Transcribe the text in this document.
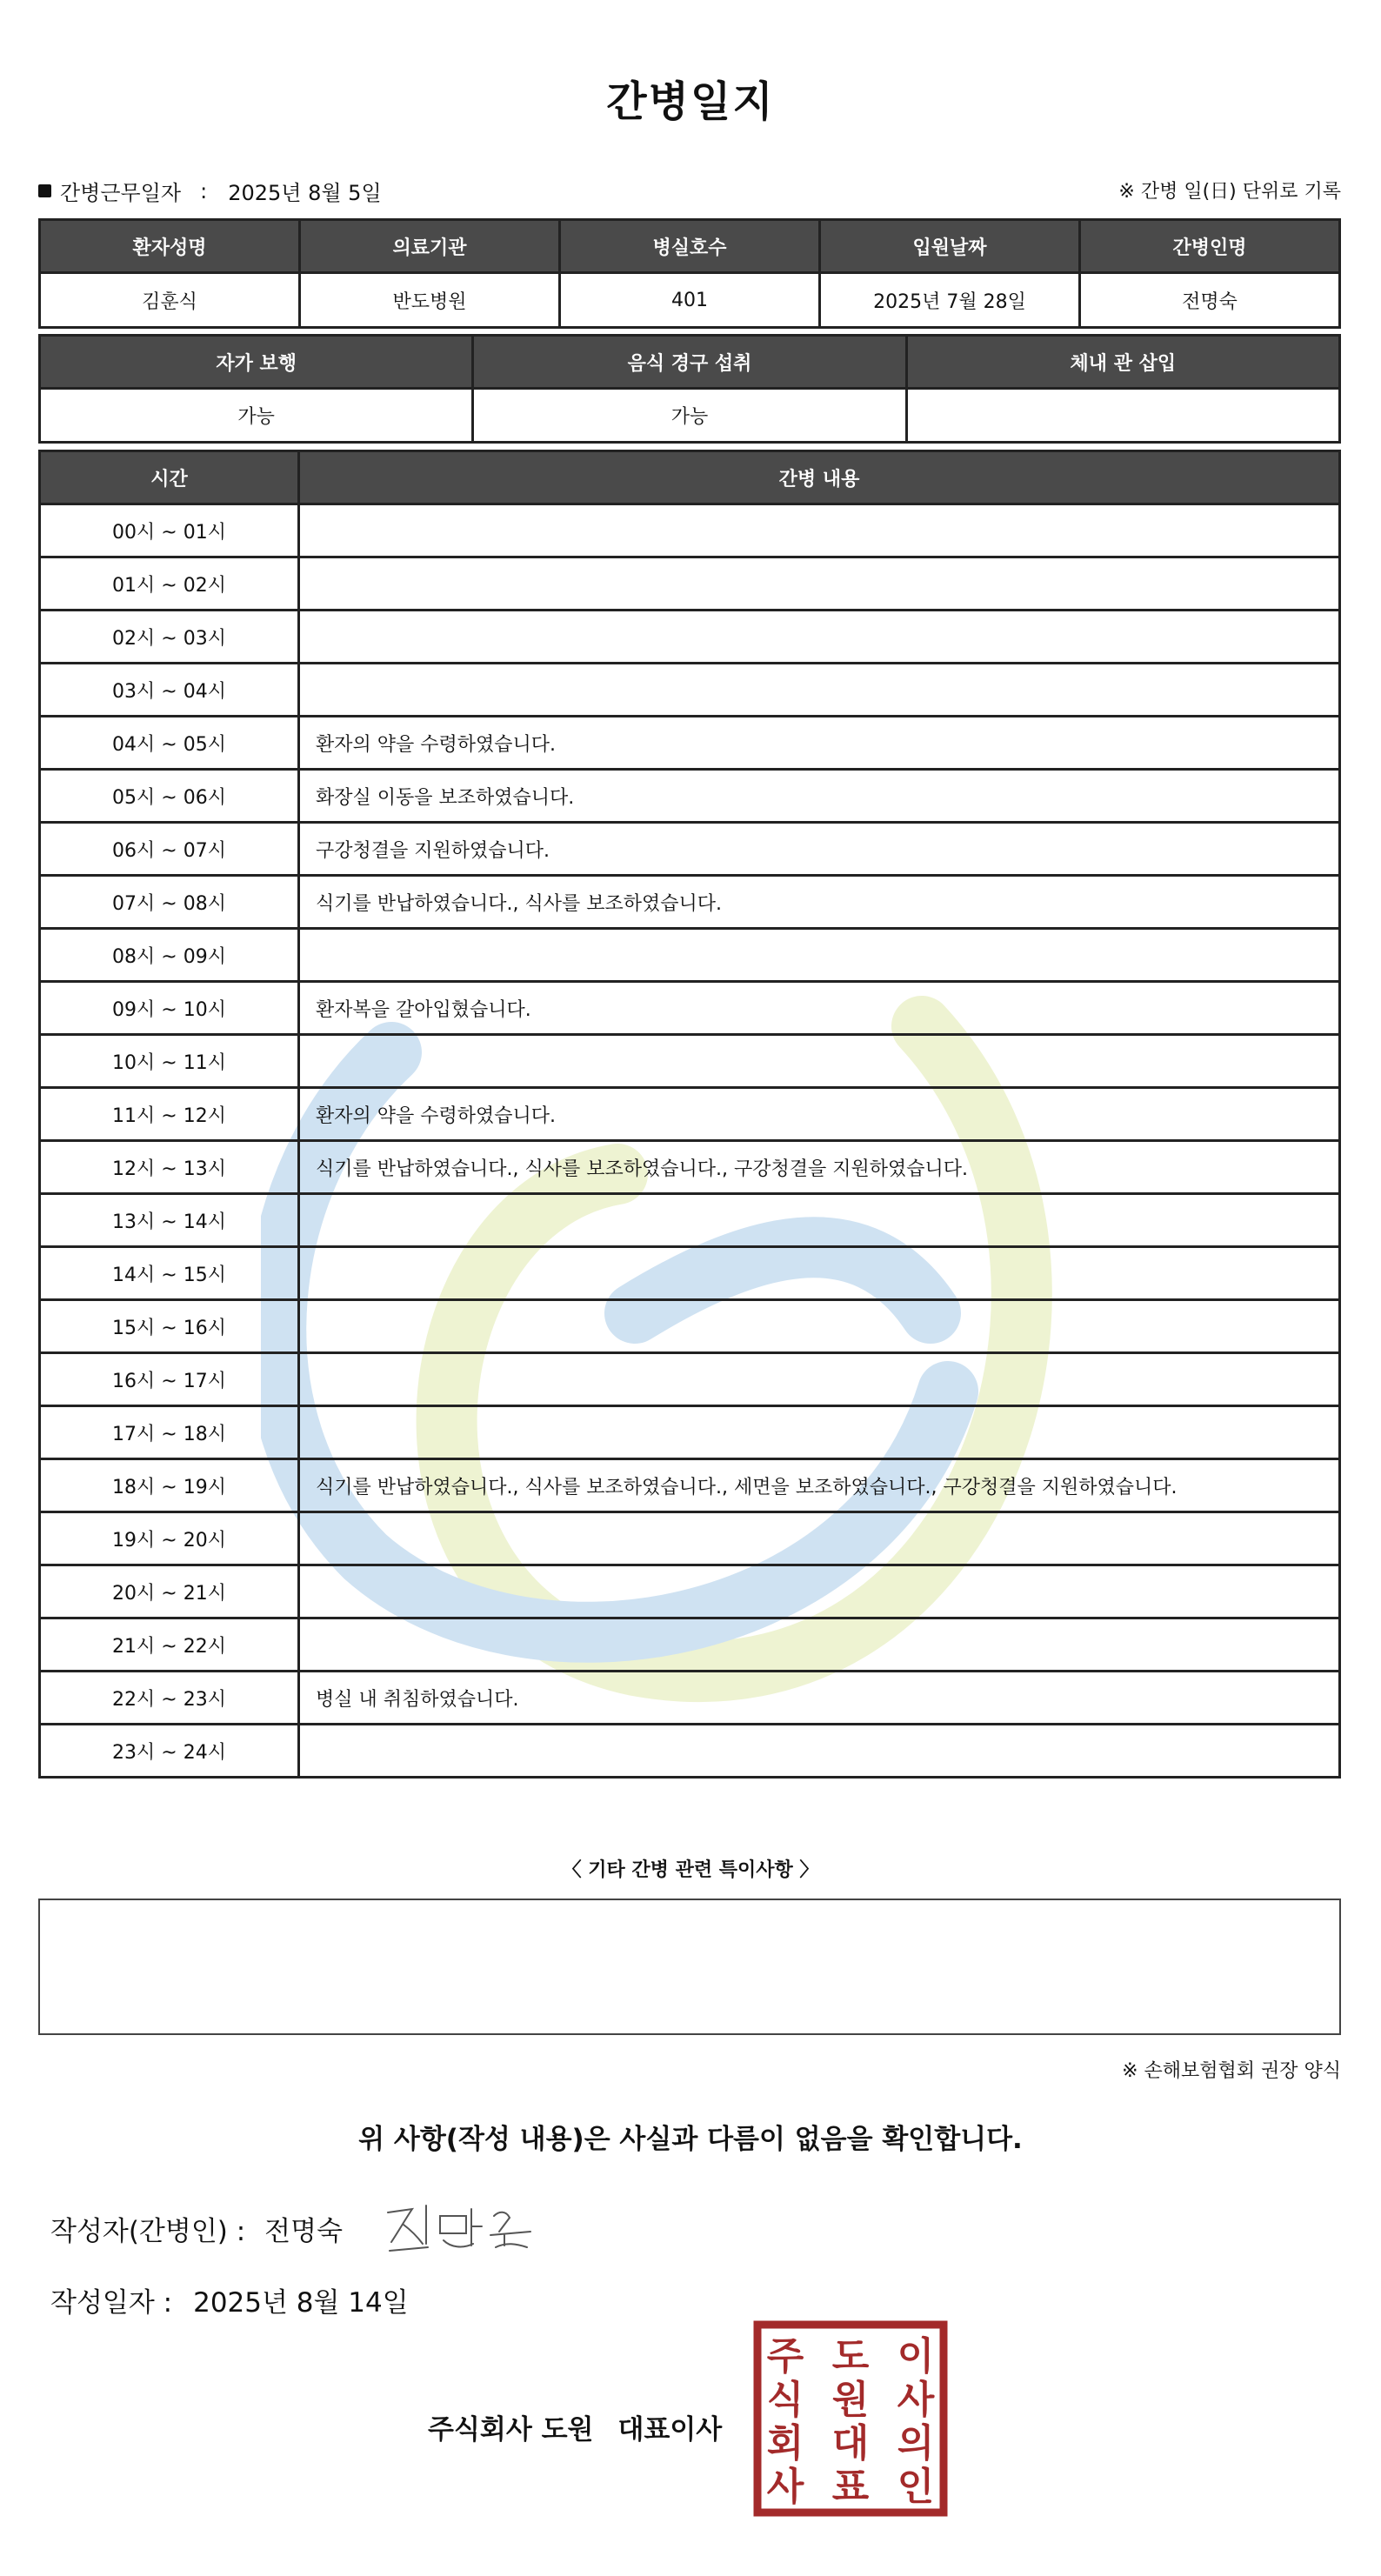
간병일지
간병근무일자 : 2025년 8월 5일	※ 간병 일(日) 단위로 기록
환자성명	의료기관	병실호수	입원날짜	간병인명
김훈식	반도병원	401	2025년 7월 28일	전명숙
자가 보행	음식 경구 섭취	체내 관 삽입
가능	가능	
시간	간병 내용
00시 ~ 01시	
01시 ~ 02시	
02시 ~ 03시	
03시 ~ 04시	
04시 ~ 05시	환자의 약을 수령하였습니다.
05시 ~ 06시	화장실 이동을 보조하였습니다.
06시 ~ 07시	구강청결을 지원하였습니다.
07시 ~ 08시	식기를 반납하였습니다., 식사를 보조하였습니다.
08시 ~ 09시	
09시 ~ 10시	환자복을 갈아입혔습니다.
10시 ~ 11시	
11시 ~ 12시	환자의 약을 수령하였습니다.
12시 ~ 13시	식기를 반납하였습니다., 식사를 보조하였습니다., 구강청결을 지원하였습니다.
13시 ~ 14시	
14시 ~ 15시	
15시 ~ 16시	
16시 ~ 17시	
17시 ~ 18시	
18시 ~ 19시	식기를 반납하였습니다., 식사를 보조하였습니다., 세면을 보조하였습니다., 구강청결을 지원하였습니다.
19시 ~ 20시	
20시 ~ 21시	
21시 ~ 22시	
22시 ~ 23시	병실 내 취침하였습니다.
23시 ~ 24시	
〈 기타 간병 관련 특이사항 〉
※ 손해보험협회 권장 양식
위 사항(작성 내용)은 사실과 다름이 없음을 확인합니다.
작성자(간병인) : 전명숙
작성일자 : 2025년 8월 14일
주식회사 도원 대표이사
주
식
회
사
도
원
대
표
이
사
의
인
